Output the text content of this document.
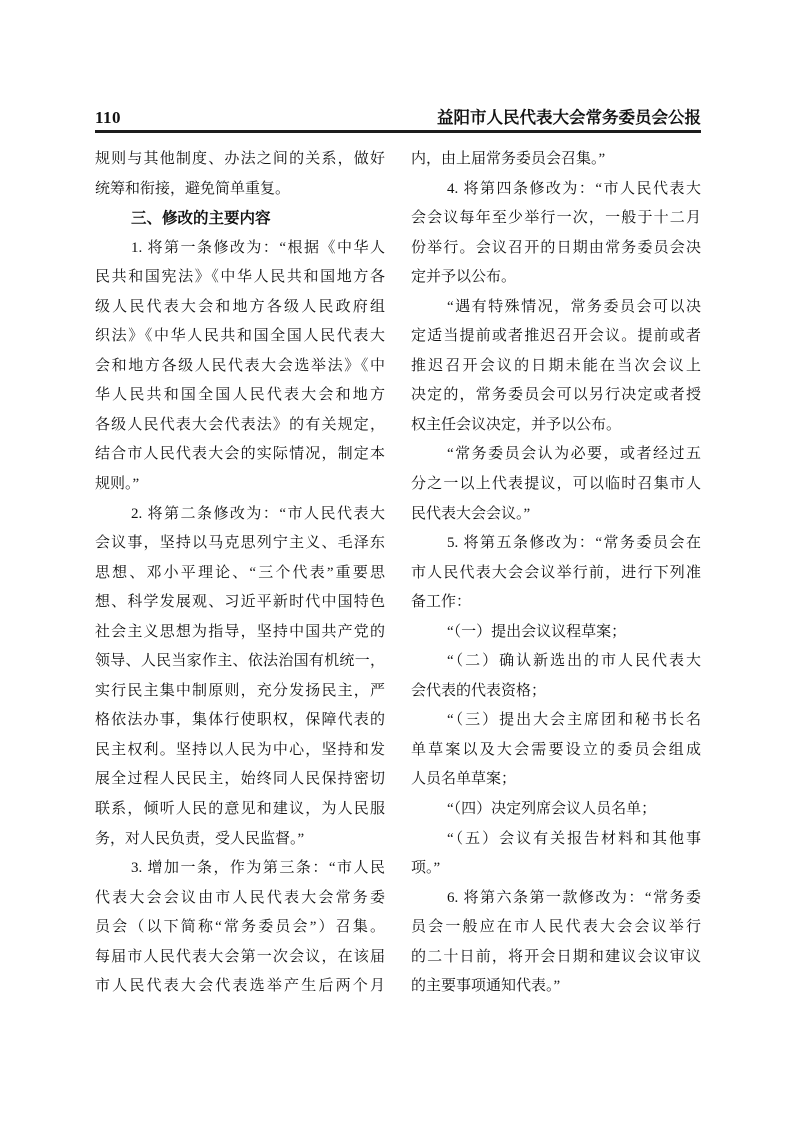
110	益阳市人民代表大会常务委员会公报
规则与其他制度、办法之间的关系，做好
统筹和衔接，避免简单重复。
三、修改的主要内容
1. 将第一条修改为：“根据《中华人
民共和国宪法》《中华人民共和国地方各
级人民代表大会和地方各级人民政府组
织法》《中华人民共和国全国人民代表大
会和地方各级人民代表大会选举法》《中
华人民共和国全国人民代表大会和地方
各级人民代表大会代表法》的有关规定，
结合市人民代表大会的实际情况，制定本
规则。”
2. 将第二条修改为：“市人民代表大
会议事，坚持以马克思列宁主义、毛泽东
思想、邓小平理论、“三个代表”重要思
想、科学发展观、习近平新时代中国特色
社会主义思想为指导，坚持中国共产党的
领导、人民当家作主、依法治国有机统一，
实行民主集中制原则，充分发扬民主，严
格依法办事，集体行使职权，保障代表的
民主权利。坚持以人民为中心，坚持和发
展全过程人民民主，始终同人民保持密切
联系，倾听人民的意见和建议，为人民服
务，对人民负责，受人民监督。”
3. 增加一条，作为第三条：“市人民
代表大会会议由市人民代表大会常务委
员会（以下简称“常务委员会”）召集。
每届市人民代表大会第一次会议，在该届
市人民代表大会代表选举产生后两个月
内，由上届常务委员会召集。”
4. 将第四条修改为：“市人民代表大
会会议每年至少举行一次，一般于十二月
份举行。会议召开的日期由常务委员会决
定并予以公布。
“遇有特殊情况，常务委员会可以决
定适当提前或者推迟召开会议。提前或者
推迟召开会议的日期未能在当次会议上
决定的，常务委员会可以另行决定或者授
权主任会议决定，并予以公布。
“常务委员会认为必要，或者经过五
分之一以上代表提议，可以临时召集市人
民代表大会会议。”
5. 将第五条修改为：“常务委员会在
市人民代表大会会议举行前，进行下列准
备工作：
“（一）提出会议议程草案；
“（二）确认新选出的市人民代表大
会代表的代表资格；
“（三）提出大会主席团和秘书长名
单草案以及大会需要设立的委员会组成
人员名单草案；
“（四）决定列席会议人员名单；
“（五）会议有关报告材料和其他事
项。”
6. 将第六条第一款修改为：“常务委
员会一般应在市人民代表大会会议举行
的二十日前，将开会日期和建议会议审议
的主要事项通知代表。”
